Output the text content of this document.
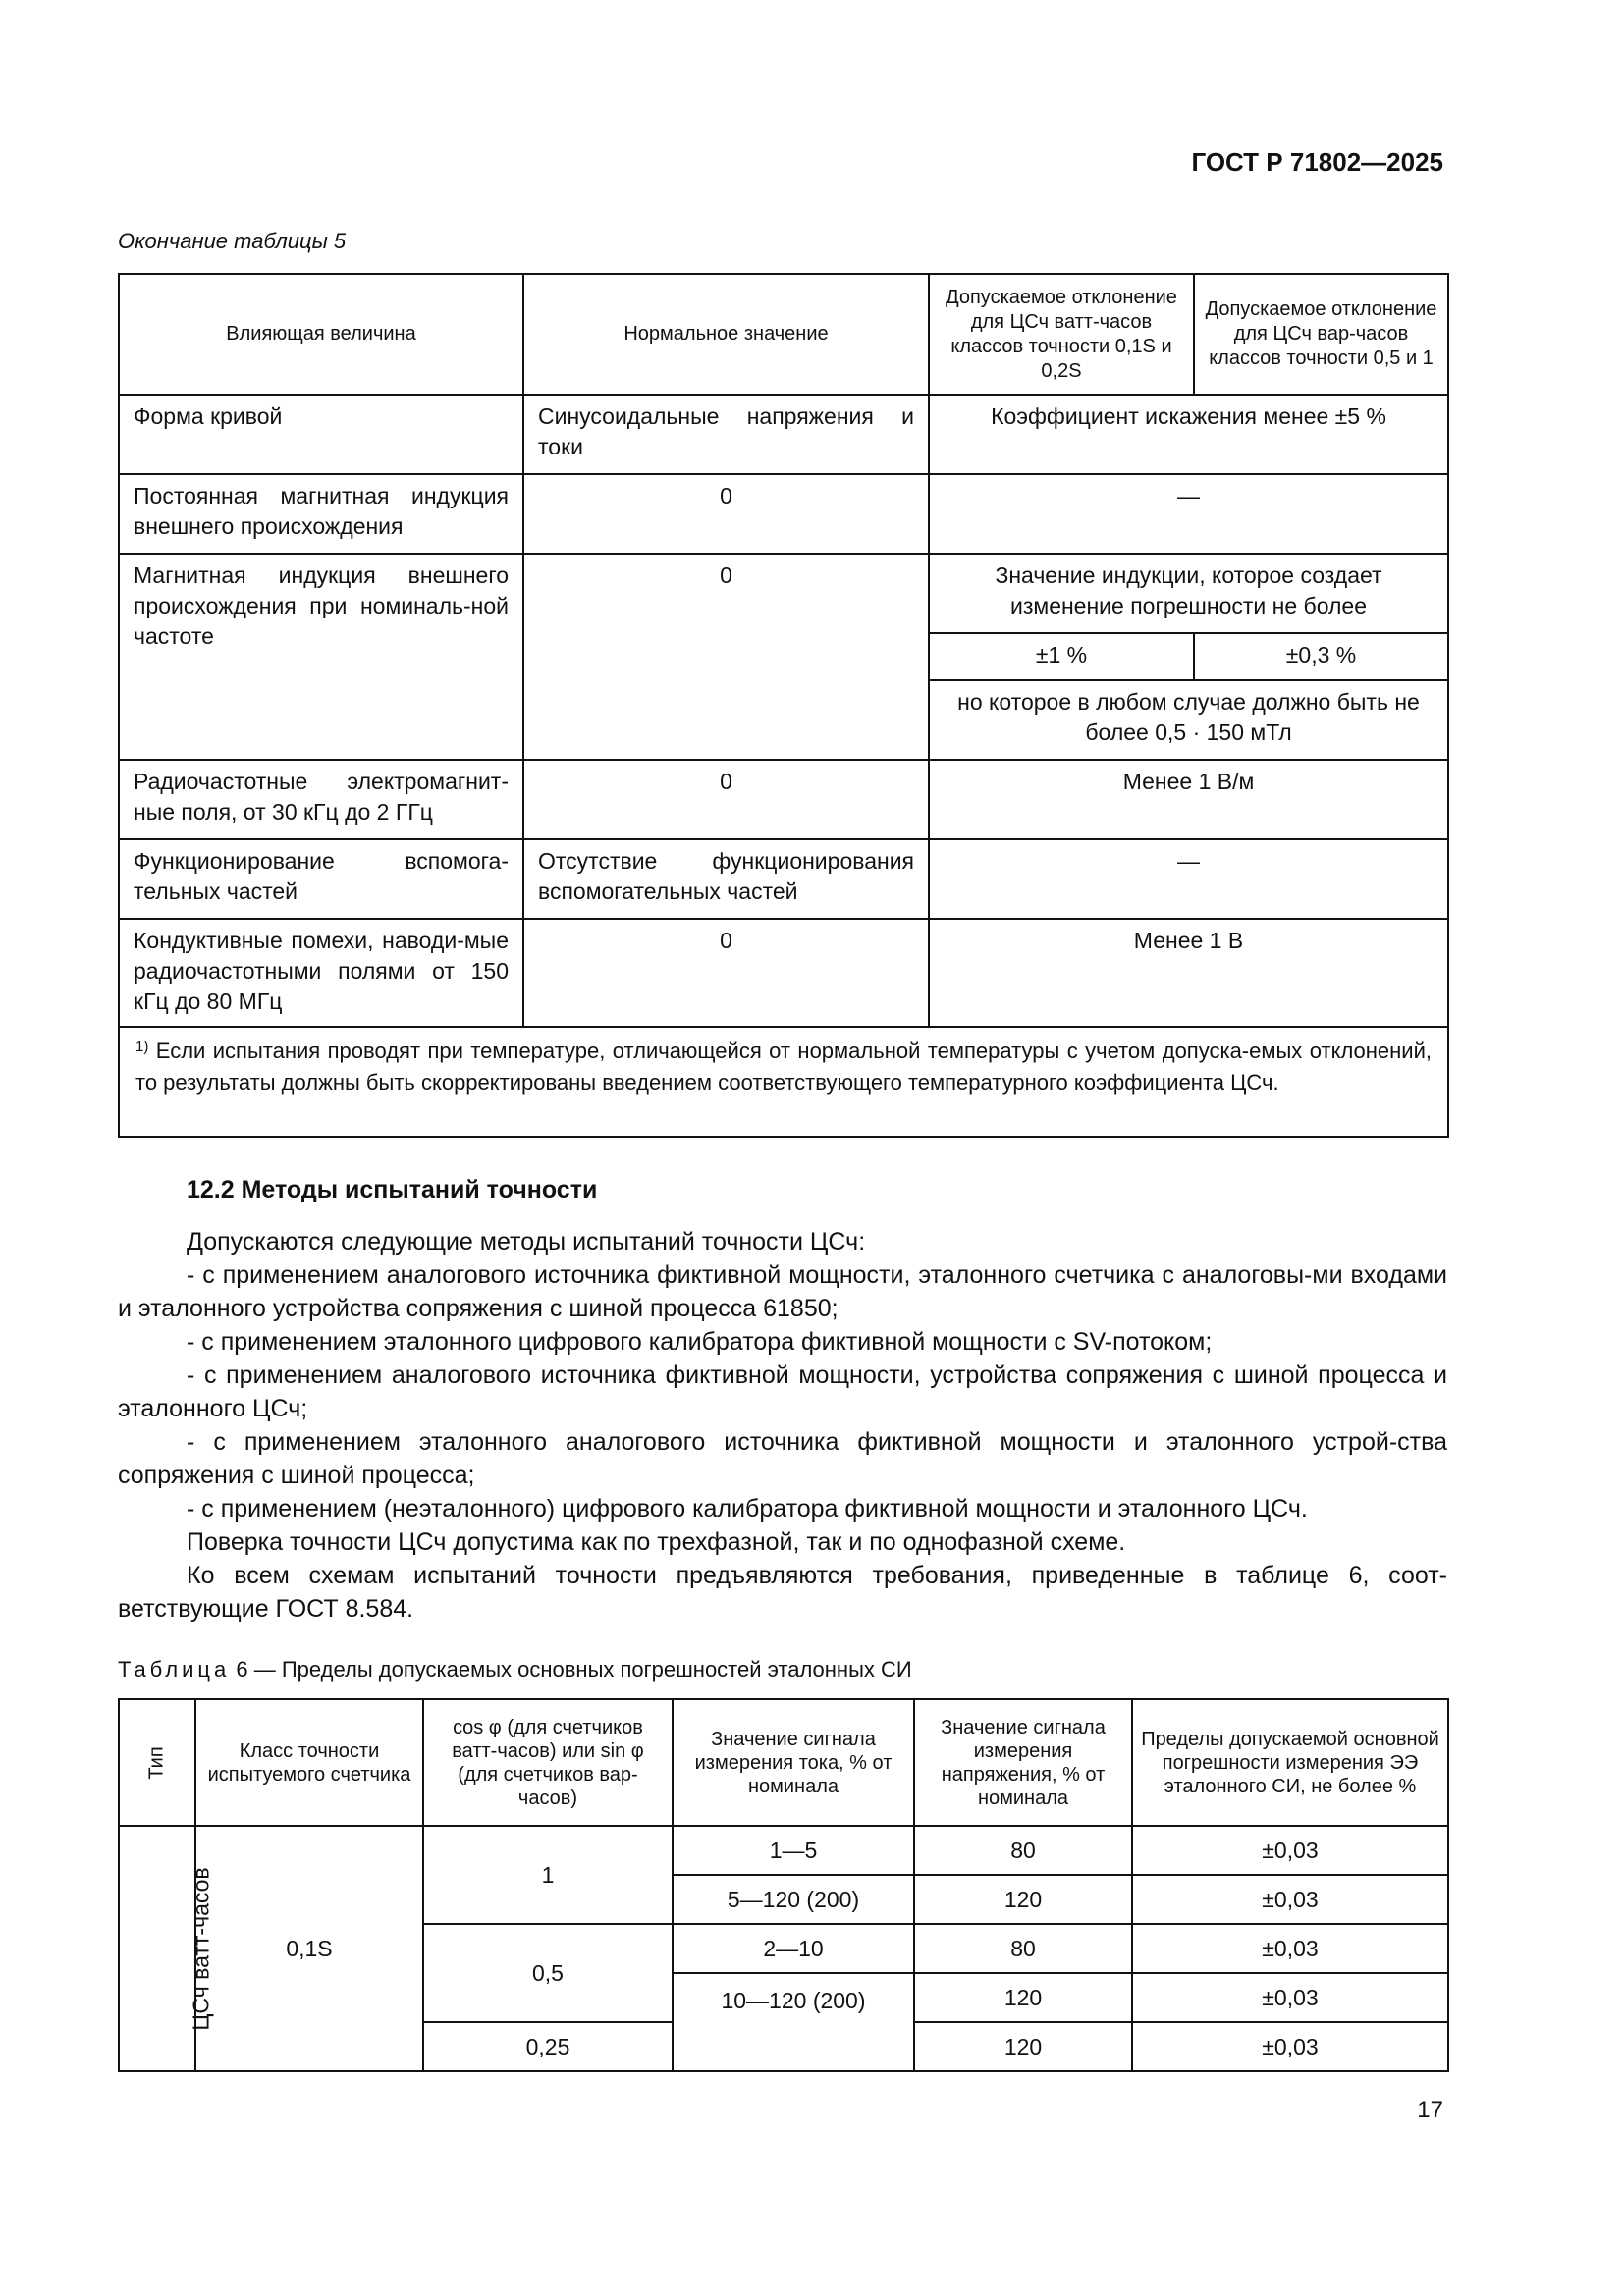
ГОСТ Р 71802—2025
Окончание таблицы 5
Влияющая величина	Нормальное значение	Допускаемое отклонение для ЦСч ватт-часов классов точности 0,1S и 0,2S	Допускаемое отклонение для ЦСч вар-часов классов точности 0,5 и 1
Форма кривой	Синусоидальные напряжения и токи	Коэффициент искажения менее ±5 %	
Постоянная магнитная индукция внешнего происхождения	0	—	
Магнитная индукция внешнего происхождения при номиналь-ной частоте	0	Значение индукции, которое создает изменение погрешности не более	
		±1 %	±0,3 %
		но которое в любом случае должно быть не более 0,5 · 150 мТл	
Радиочастотные электромагнит-ные поля, от 30 кГц до 2 ГГц	0	Менее 1 В/м	
Функционирование вспомога-тельных частей	Отсутствие функционирования вспомогательных частей	—	
Кондуктивные помехи, наводи-мые радиочастотными полями от 150 кГц до 80 МГц	0	Менее 1 В	
$^{1)}$ Если испытания проводят при температуре, отличающейся от нормальной температуры с учетом допуска-емых отклонений, то результаты должны быть скорректированы введением соответствующего температурного коэффициента ЦСч.			
12.2 Методы испытаний точности

Допускаются следующие методы испытаний точности ЦСч:

- с применением аналогового источника фиктивной мощности, эталонного счетчика с аналоговы-ми входами и эталонного устройства сопряжения с шиной процесса 61850;

- с применением эталонного цифрового калибратора фиктивной мощности с SV-потоком;

- с применением аналогового источника фиктивной мощности, устройства сопряжения с шиной процесса и эталонного ЦСч;

- с применением эталонного аналогового источника фиктивной мощности и эталонного устрой-ства сопряжения с шиной процесса;

- с применением (неэталонного) цифрового калибратора фиктивной мощности и эталонного ЦСч.

Поверка точности ЦСч допустима как по трехфазной, так и по однофазной схеме.

Ко всем схемам испытаний точности предъявляются требования, приведенные в таблице 6, соот-ветствующие ГОСТ 8.584.

Таблица 6 — Пределы допускаемых основных погрешностей эталонных СИ
Тип	Класс точности испытуемого счетчика	cos φ (для счетчиков ватт-часов) или sin φ (для счетчиков вар-часов)	Значение сигнала измерения тока, % от номинала	Значение сигнала измерения напряжения, % от номинала	Пределы допускаемой основной погрешности измерения ЭЭ эталонного СИ, не более %
ЦСч ватт-часов	0,1S	1	1—5	80	±0,03
			5—120 (200)	120	±0,03
		0,5	2—10	80	±0,03
			10—120 (200)	120	±0,03
		0,25		120	±0,03
17
